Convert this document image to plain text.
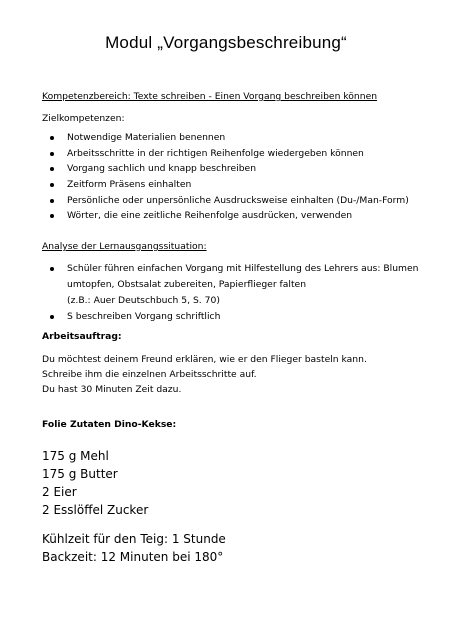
Modul „Vorgangsbeschreibung“
Kompetenzbereich: Texte schreiben - Einen Vorgang beschreiben können
Zielkompetenzen:
Notwendige Materialien benennen
Arbeitsschritte in der richtigen Reihenfolge wiedergeben können
Vorgang sachlich und knapp beschreiben
Zeitform Präsens einhalten
Persönliche oder unpersönliche Ausdrucksweise einhalten (Du-/Man-Form)
Wörter, die eine zeitliche Reihenfolge ausdrücken, verwenden
Analyse der Lernausgangssituation:
Schüler führen einfachen Vorgang mit Hilfestellung des Lehrers aus: Blumen
umtopfen, Obstsalat zubereiten, Papierflieger falten
(z.B.: Auer Deutschbuch 5, S. 70)
S beschreiben Vorgang schriftlich
Arbeitsauftrag:
Du möchtest deinem Freund erklären, wie er den Flieger basteln kann.
Schreibe ihm die einzelnen Arbeitsschritte auf.
Du hast 30 Minuten Zeit dazu.
Folie Zutaten Dino-Kekse:
175 g Mehl
175 g Butter
2 Eier
2 Esslöffel Zucker
Kühlzeit für den Teig: 1 Stunde
Backzeit: 12 Minuten bei 180°
